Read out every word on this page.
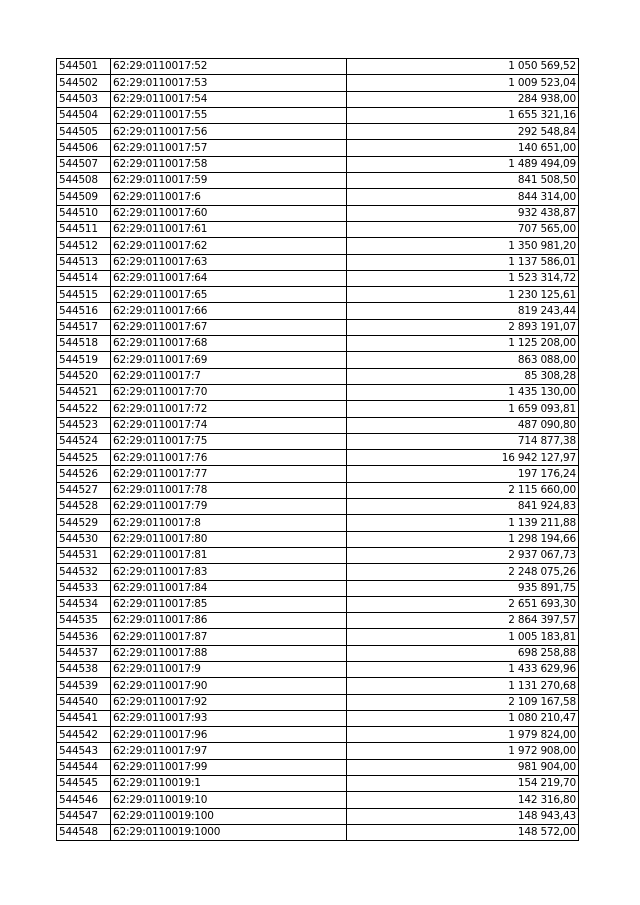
544501	62:29:0110017:52	1 050 569,52
544502	62:29:0110017:53	1 009 523,04
544503	62:29:0110017:54	284 938,00
544504	62:29:0110017:55	1 655 321,16
544505	62:29:0110017:56	292 548,84
544506	62:29:0110017:57	140 651,00
544507	62:29:0110017:58	1 489 494,09
544508	62:29:0110017:59	841 508,50
544509	62:29:0110017:6	844 314,00
544510	62:29:0110017:60	932 438,87
544511	62:29:0110017:61	707 565,00
544512	62:29:0110017:62	1 350 981,20
544513	62:29:0110017:63	1 137 586,01
544514	62:29:0110017:64	1 523 314,72
544515	62:29:0110017:65	1 230 125,61
544516	62:29:0110017:66	819 243,44
544517	62:29:0110017:67	2 893 191,07
544518	62:29:0110017:68	1 125 208,00
544519	62:29:0110017:69	863 088,00
544520	62:29:0110017:7	85 308,28
544521	62:29:0110017:70	1 435 130,00
544522	62:29:0110017:72	1 659 093,81
544523	62:29:0110017:74	487 090,80
544524	62:29:0110017:75	714 877,38
544525	62:29:0110017:76	16 942 127,97
544526	62:29:0110017:77	197 176,24
544527	62:29:0110017:78	2 115 660,00
544528	62:29:0110017:79	841 924,83
544529	62:29:0110017:8	1 139 211,88
544530	62:29:0110017:80	1 298 194,66
544531	62:29:0110017:81	2 937 067,73
544532	62:29:0110017:83	2 248 075,26
544533	62:29:0110017:84	935 891,75
544534	62:29:0110017:85	2 651 693,30
544535	62:29:0110017:86	2 864 397,57
544536	62:29:0110017:87	1 005 183,81
544537	62:29:0110017:88	698 258,88
544538	62:29:0110017:9	1 433 629,96
544539	62:29:0110017:90	1 131 270,68
544540	62:29:0110017:92	2 109 167,58
544541	62:29:0110017:93	1 080 210,47
544542	62:29:0110017:96	1 979 824,00
544543	62:29:0110017:97	1 972 908,00
544544	62:29:0110017:99	981 904,00
544545	62:29:0110019:1	154 219,70
544546	62:29:0110019:10	142 316,80
544547	62:29:0110019:100	148 943,43
544548	62:29:0110019:1000	148 572,00
